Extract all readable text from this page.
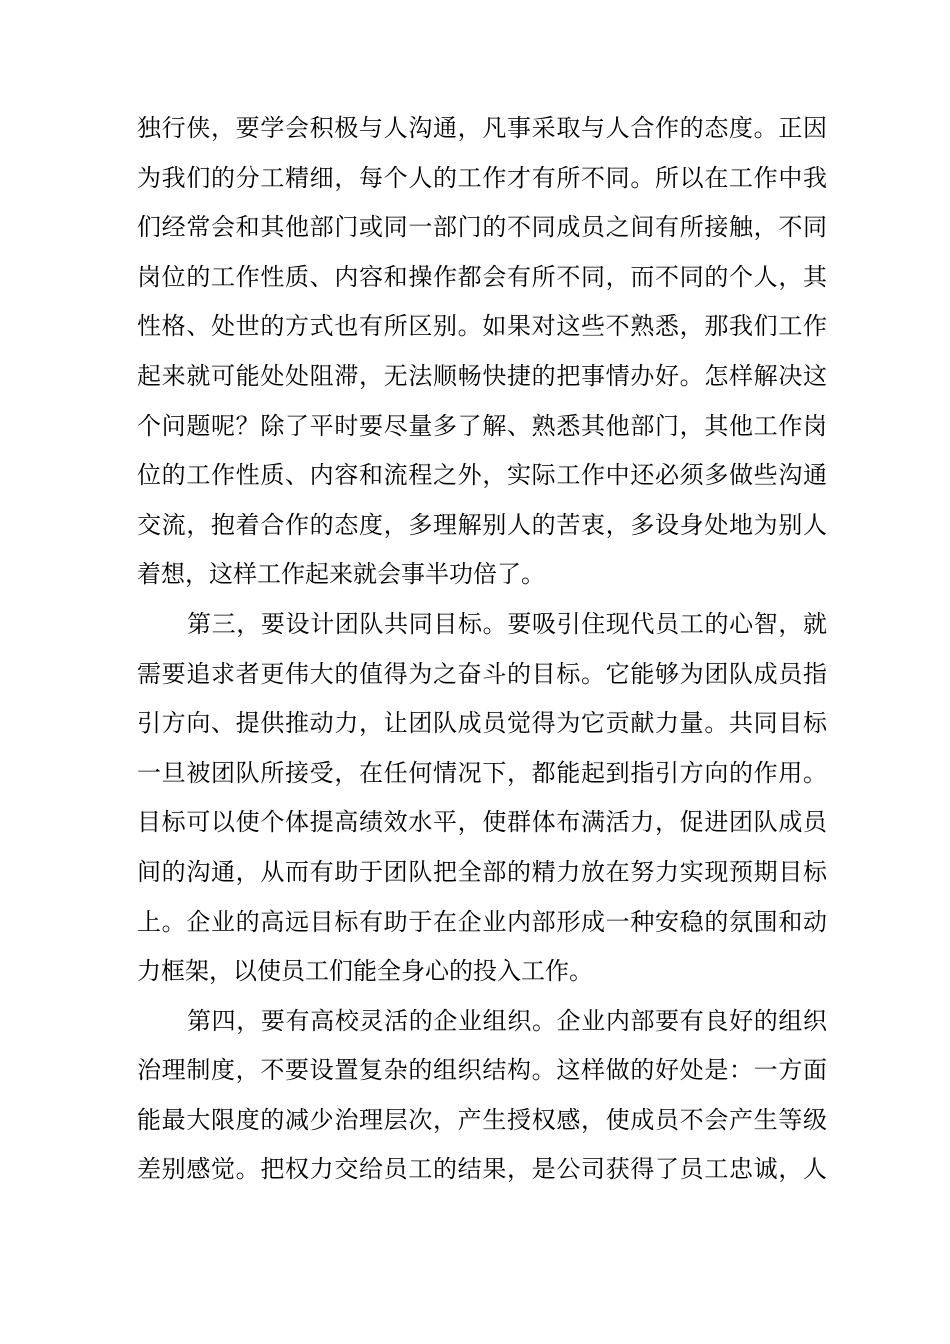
独行侠，要学会积极与人沟通，凡事采取与人合作的态度。正因
为我们的分工精细，每个人的工作才有所不同。所以在工作中我
们经常会和其他部门或同一部门的不同成员之间有所接触，不同
岗位的工作性质、内容和操作都会有所不同，而不同的个人，其
性格、处世的方式也有所区别。如果对这些不熟悉，那我们工作
起来就可能处处阻滞，无法顺畅快捷的把事情办好。怎样解决这
个问题呢？除了平时要尽量多了解、熟悉其他部门，其他工作岗
位的工作性质、内容和流程之外，实际工作中还必须多做些沟通
交流，抱着合作的态度，多理解别人的苦衷，多设身处地为别人
着想，这样工作起来就会事半功倍了。
第三，要设计团队共同目标。要吸引住现代员工的心智，就
需要追求者更伟大的值得为之奋斗的目标。它能够为团队成员指
引方向、提供推动力，让团队成员觉得为它贡献力量。共同目标
一旦被团队所接受，在任何情况下，都能起到指引方向的作用。
目标可以使个体提高绩效水平，使群体布满活力，促进团队成员
间的沟通，从而有助于团队把全部的精力放在努力实现预期目标
上。企业的高远目标有助于在企业内部形成一种安稳的氛围和动
力框架，以使员工们能全身心的投入工作。
第四，要有高校灵活的企业组织。企业内部要有良好的组织
治理制度，不要设置复杂的组织结构。这样做的好处是：一方面
能最大限度的减少治理层次，产生授权感，使成员不会产生等级
差别感觉。把权力交给员工的结果，是公司获得了员工忠诚，人
